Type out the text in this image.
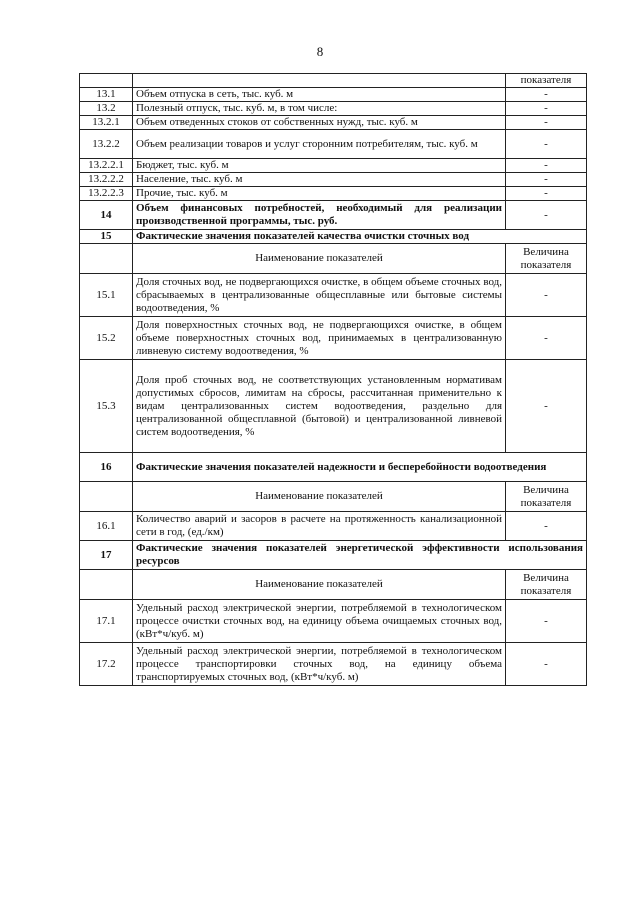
8
		показателя
13.1	Объем отпуска в сеть, тыс. куб. м	-
13.2	Полезный отпуск, тыс. куб. м, в том числе:	-
13.2.1	Объем отведенных стоков от собственных нужд, тыс. куб. м	-
13.2.2	Объем реализации товаров и услуг сторонним потребителям, тыс. куб. м	-
13.2.2.1	Бюджет, тыс. куб. м	-
13.2.2.2	Население, тыс. куб. м	-
13.2.2.3	Прочие, тыс. куб. м	-
14	Объем финансовых потребностей, необходимый для реализации производственной программы, тыс. руб.	-
15	Фактические значения показателей качества очистки сточных вод	
	Наименование показателей	Величина показателя
15.1	Доля сточных вод, не подвергающихся очистке, в общем объеме сточных вод, сбрасываемых в централизованные общесплавные или бытовые системы водоотведения, %	-
15.2	Доля поверхностных сточных вод, не подвергающихся очистке, в общем объеме поверхностных сточных вод, принимаемых в централизованную ливневую систему водоотведения, %	-
15.3	Доля проб сточных вод, не соответствующих установленным нормативам допустимых сбросов, лимитам на сбросы, рассчитанная применительно к видам централизованных систем водоотведения, раздельно для централизованной общесплавной (бытовой) и централизованной ливневой систем водоотведения, %	-
16	Фактические значения показателей надежности и бесперебойности водоотведения	
	Наименование показателей	Величина показателя
16.1	Количество аварий и засоров в расчете на протяженность канализационной сети в год, (ед./км)	-
17	Фактические значения показателей энергетической эффективности использования ресурсов	
	Наименование показателей	Величина показателя
17.1	Удельный расход электрической энергии, потребляемой в технологическом процессе очистки сточных вод, на единицу объема очищаемых сточных вод, (кВт*ч/куб. м)	-
17.2	Удельный расход электрической энергии, потребляемой в технологическом процессе транспортировки сточных вод, на единицу объема транспортируемых сточных вод, (кВт*ч/куб. м)	-
